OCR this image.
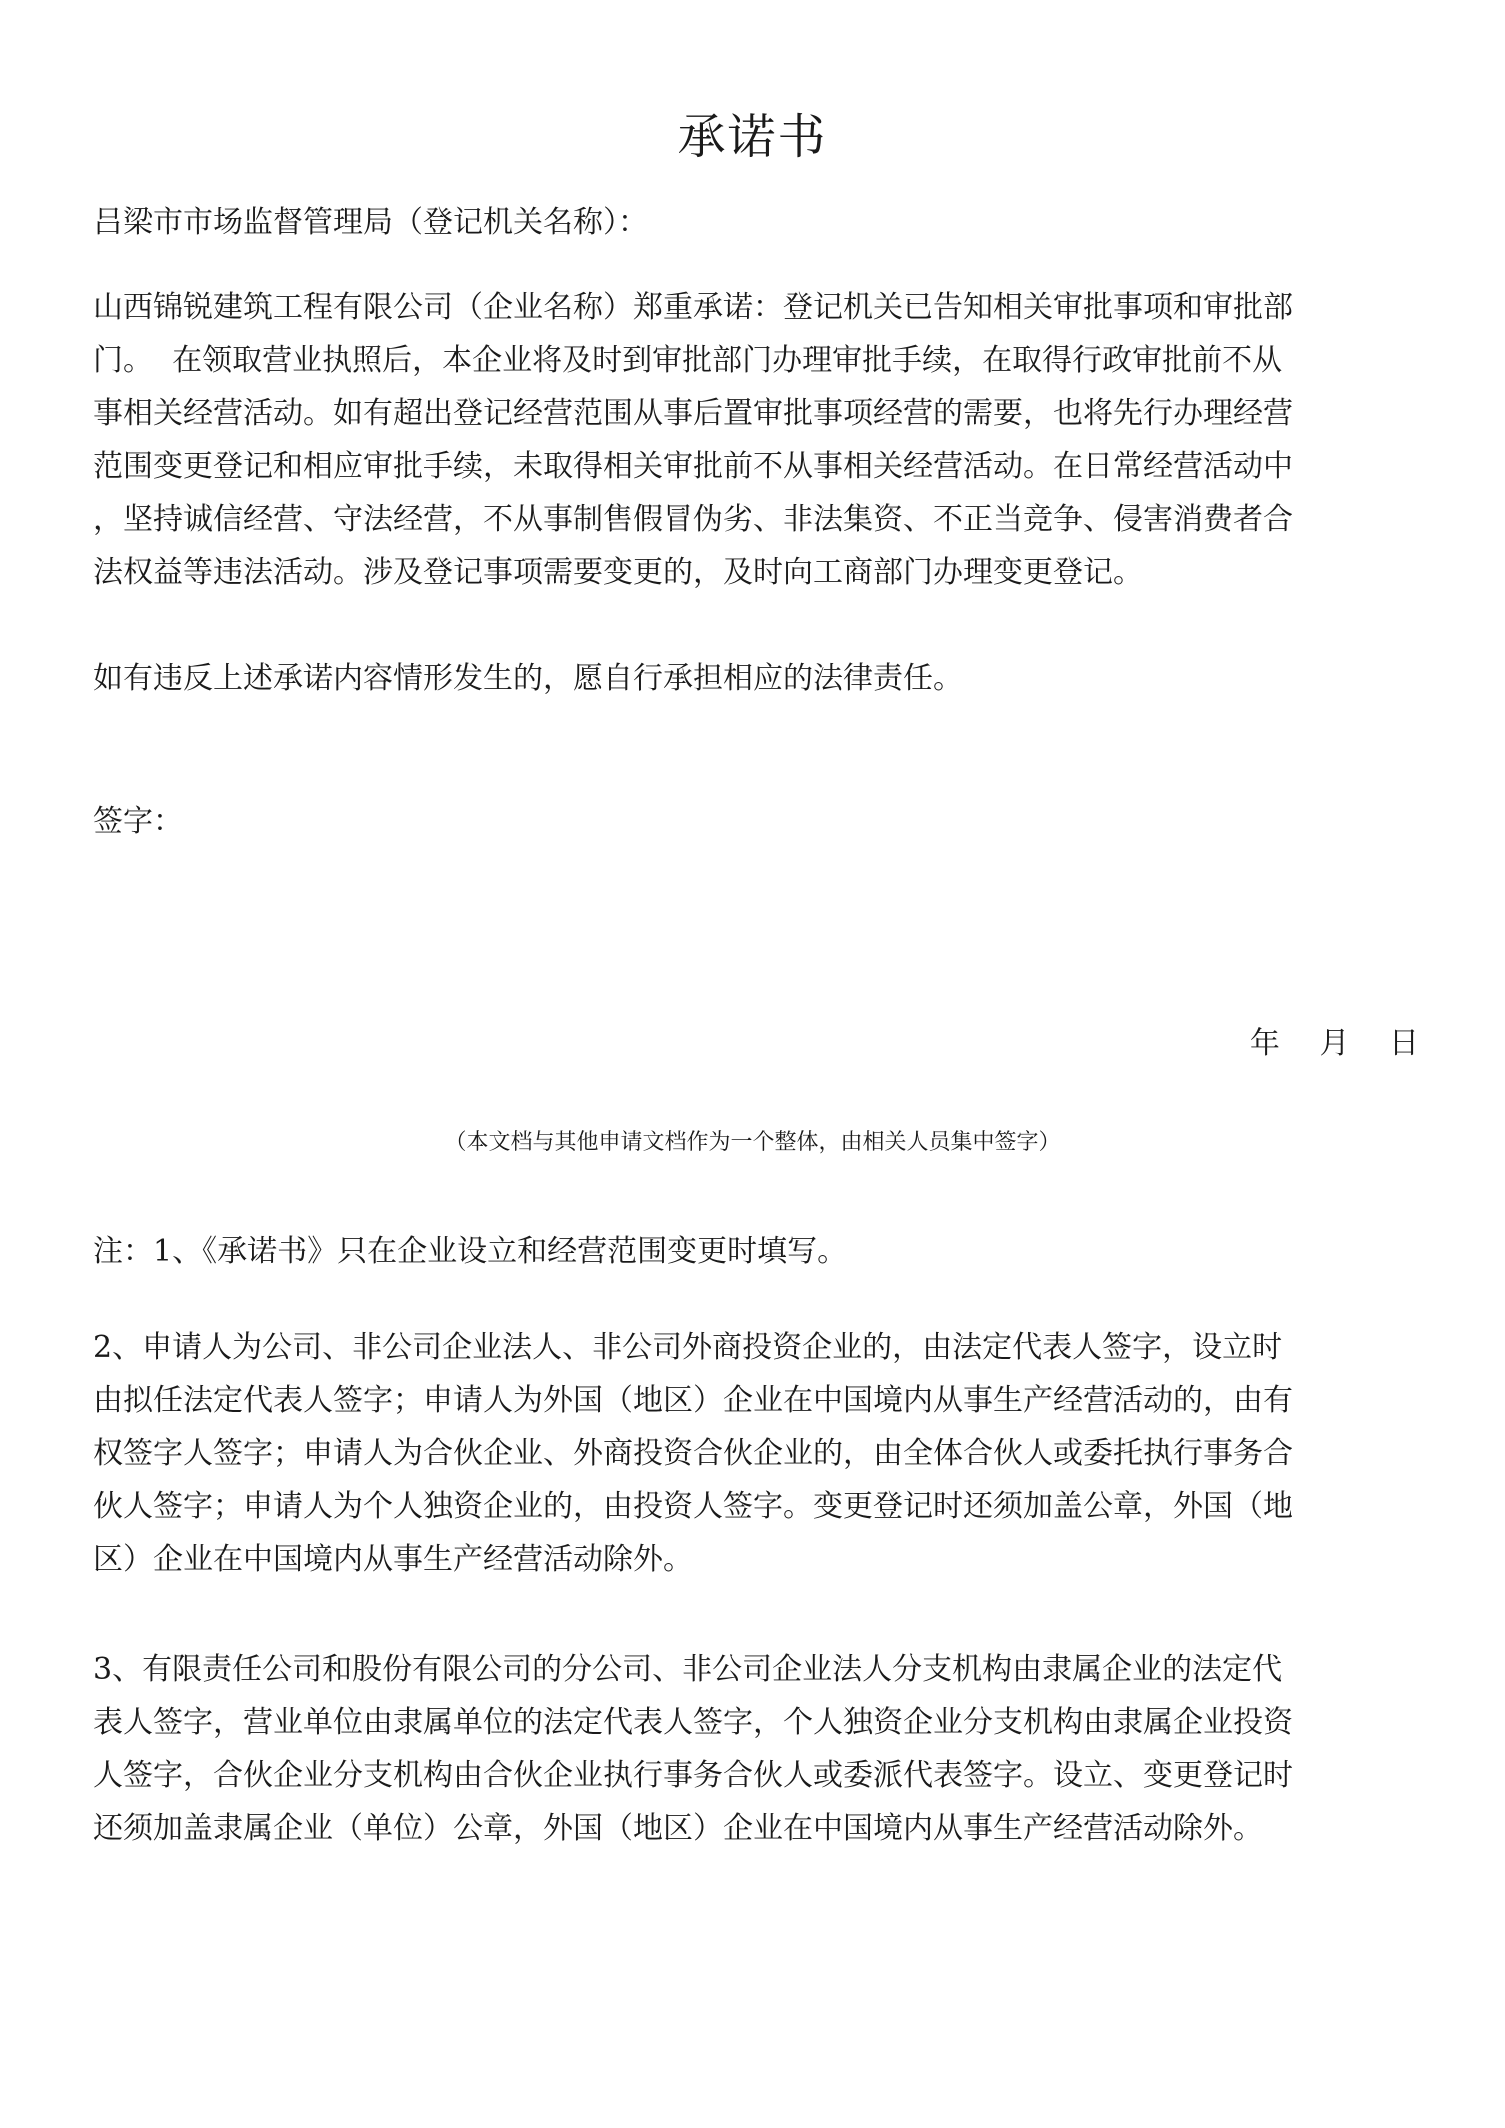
承诺书
吕梁市市场监督管理局（登记机关名称）：
山西锦锐建筑工程有限公司（企业名称）郑重承诺：登记机关已告知相关审批事项和审批部
门。  在领取营业执照后，本企业将及时到审批部门办理审批手续，在取得行政审批前不从
事相关经营活动。如有超出登记经营范围从事后置审批事项经营的需要，也将先行办理经营
范围变更登记和相应审批手续，未取得相关审批前不从事相关经营活动。在日常经营活动中
，坚持诚信经营、守法经营，不从事制售假冒伪劣、非法集资、不正当竞争、侵害消费者合
法权益等违法活动。涉及登记事项需要变更的，及时向工商部门办理变更登记。
如有违反上述承诺内容情形发生的，愿自行承担相应的法律责任。
签字：
年 月 日
（本文档与其他申请文档作为一个整体，由相关人员集中签字）
注：1、《承诺书》只在企业设立和经营范围变更时填写。
2、申请人为公司、非公司企业法人、非公司外商投资企业的，由法定代表人签字，设立时
由拟任法定代表人签字；申请人为外国（地区）企业在中国境内从事生产经营活动的，由有
权签字人签字；申请人为合伙企业、外商投资合伙企业的，由全体合伙人或委托执行事务合
伙人签字；申请人为个人独资企业的，由投资人签字。变更登记时还须加盖公章，外国（地
区）企业在中国境内从事生产经营活动除外。
3、有限责任公司和股份有限公司的分公司、非公司企业法人分支机构由隶属企业的法定代
表人签字，营业单位由隶属单位的法定代表人签字，个人独资企业分支机构由隶属企业投资
人签字，合伙企业分支机构由合伙企业执行事务合伙人或委派代表签字。设立、变更登记时
还须加盖隶属企业（单位）公章，外国（地区）企业在中国境内从事生产经营活动除外。
